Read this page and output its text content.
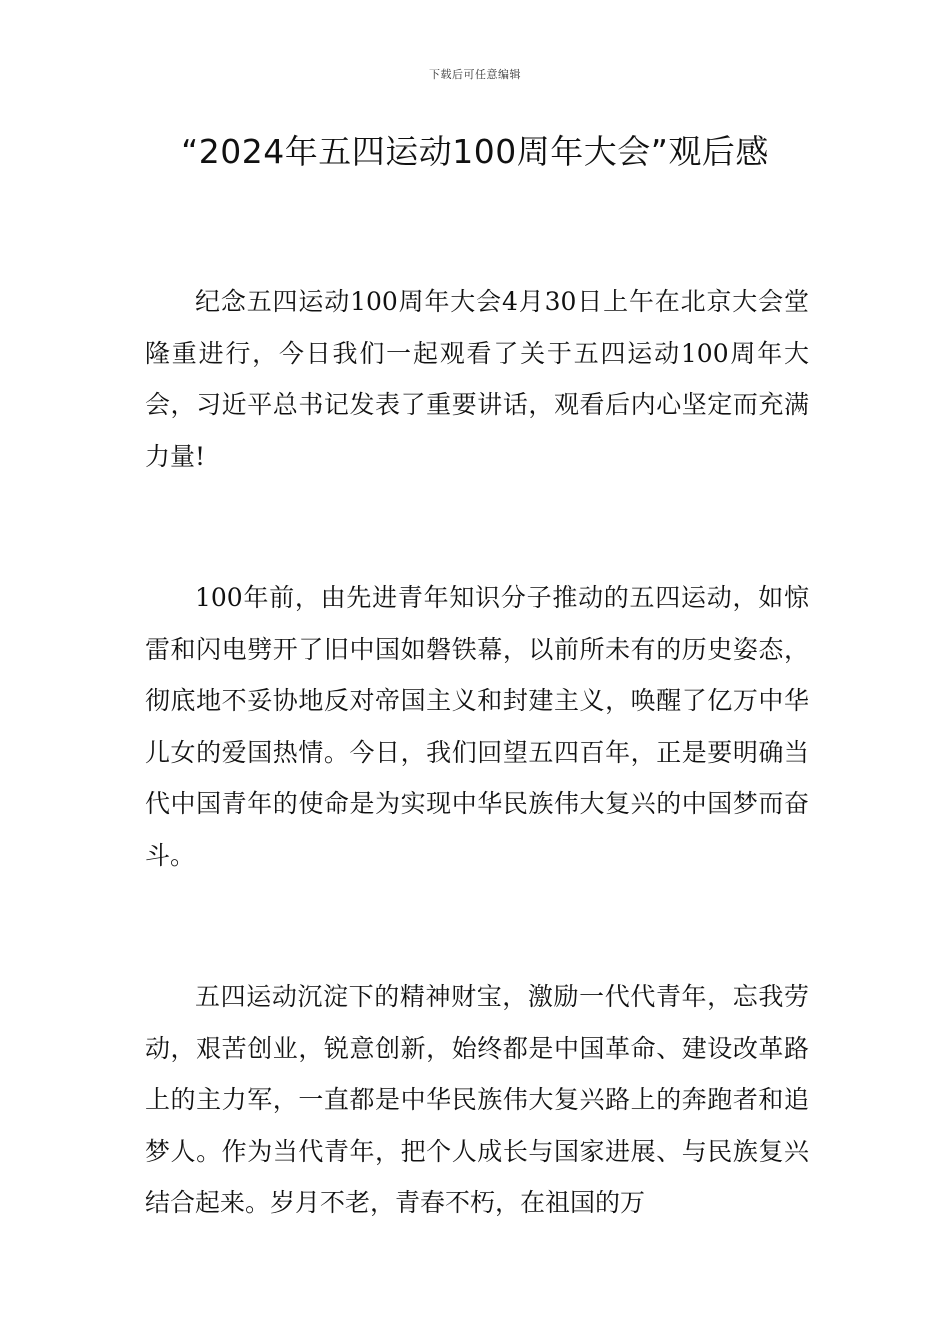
下载后可任意编辑
“2024年五四运动100周年大会”观后感

纪念五四运动100周年大会4月30日上午在北京大会堂隆重进行，今日我们一起观看了关于五四运动100周年大会，习近平总书记发表了重要讲话，观看后内心坚定而充满力量!

100年前，由先进青年知识分子推动的五四运动，如惊雷和闪电劈开了旧中国如磐铁幕，以前所未有的历史姿态，彻底地不妥协地反对帝国主义和封建主义，唤醒了亿万中华儿女的爱国热情。今日，我们回望五四百年，正是要明确当代中国青年的使命是为实现中华民族伟大复兴的中国梦而奋斗。

五四运动沉淀下的精神财宝，激励一代代青年，忘我劳动，艰苦创业，锐意创新，始终都是中国革命、建设改革路上的主力军，一直都是中华民族伟大复兴路上的奔跑者和追梦人。作为当代青年，把个人成长与国家进展、与民族复兴结合起来。岁月不老，青春不朽，在祖国的万
